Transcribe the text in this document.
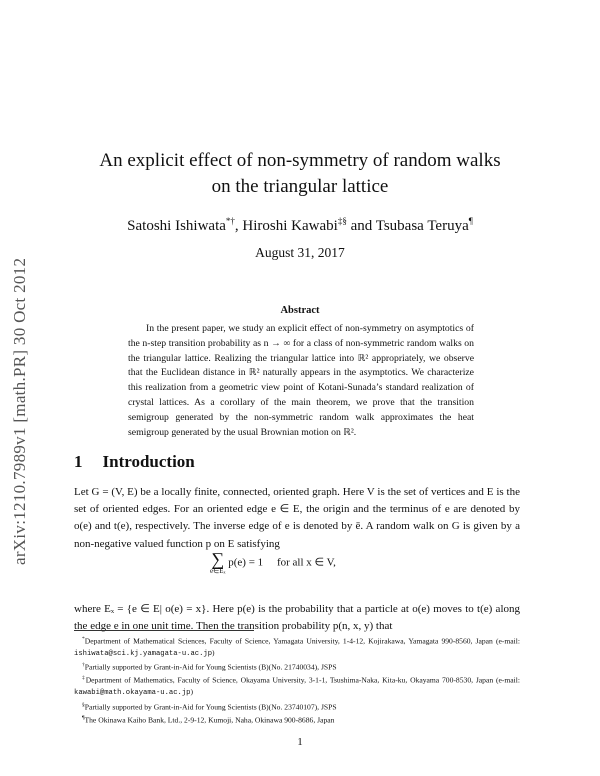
arXiv:1210.7989v1 [math.PR] 30 Oct 2012
An explicit effect of non-symmetry of random walks
on the triangular lattice
Satoshi Ishiwata*†, Hiroshi Kawabi‡§ and Tsubasa Teruya¶
August 31, 2017
Abstract
In the present paper, we study an explicit effect of non-symmetry on asymptotics of the n-step transition probability as n → ∞ for a class of non-symmetric random walks on the triangular lattice. Realizing the triangular lattice into ℝ² appropriately, we observe that the Euclidean distance in ℝ² naturally appears in the asymptotics. We characterize this realization from a geometric view point of Kotani-Sunada’s standard realization of crystal lattices. As a corollary of the main theorem, we prove that the transition semigroup generated by the non-symmetric random walk approximates the heat semigroup generated by the usual Brownian motion on ℝ².
1 Introduction
Let G = (V, E) be a locally finite, connected, oriented graph. Here V is the set of vertices and E is the set of oriented edges. For an oriented edge e ∈ E, the origin and the terminus of e are denoted by o(e) and t(e), respectively. The inverse edge of e is denoted by ē. A random walk on G is given by a non-negative valued function p on E satisfying
∑
e∈Eₓ
p(e) = 1 for all x ∈ V,
where Eₓ = {e ∈ E| o(e) = x}. Here p(e) is the probability that a particle at o(e) moves to t(e) along the edge e in one unit time. Then the transition probability p(n, x, y) that
*Department of Mathematical Sciences, Faculty of Science, Yamagata University, 1-4-12, Kojirakawa, Yamagata 990-8560, Japan (e-mail: ishiwata@sci.kj.yamagata-u.ac.jp)
†Partially supported by Grant-in-Aid for Young Scientists (B)(No. 21740034), JSPS
‡Department of Mathematics, Faculty of Science, Okayama University, 3-1-1, Tsushima-Naka, Kita-ku, Okayama 700-8530, Japan (e-mail: kawabi@math.okayama-u.ac.jp)
§Partially supported by Grant-in-Aid for Young Scientists (B)(No. 23740107), JSPS
¶The Okinawa Kaiho Bank, Ltd., 2-9-12, Kumoji, Naha, Okinawa 900-8686, Japan
1
